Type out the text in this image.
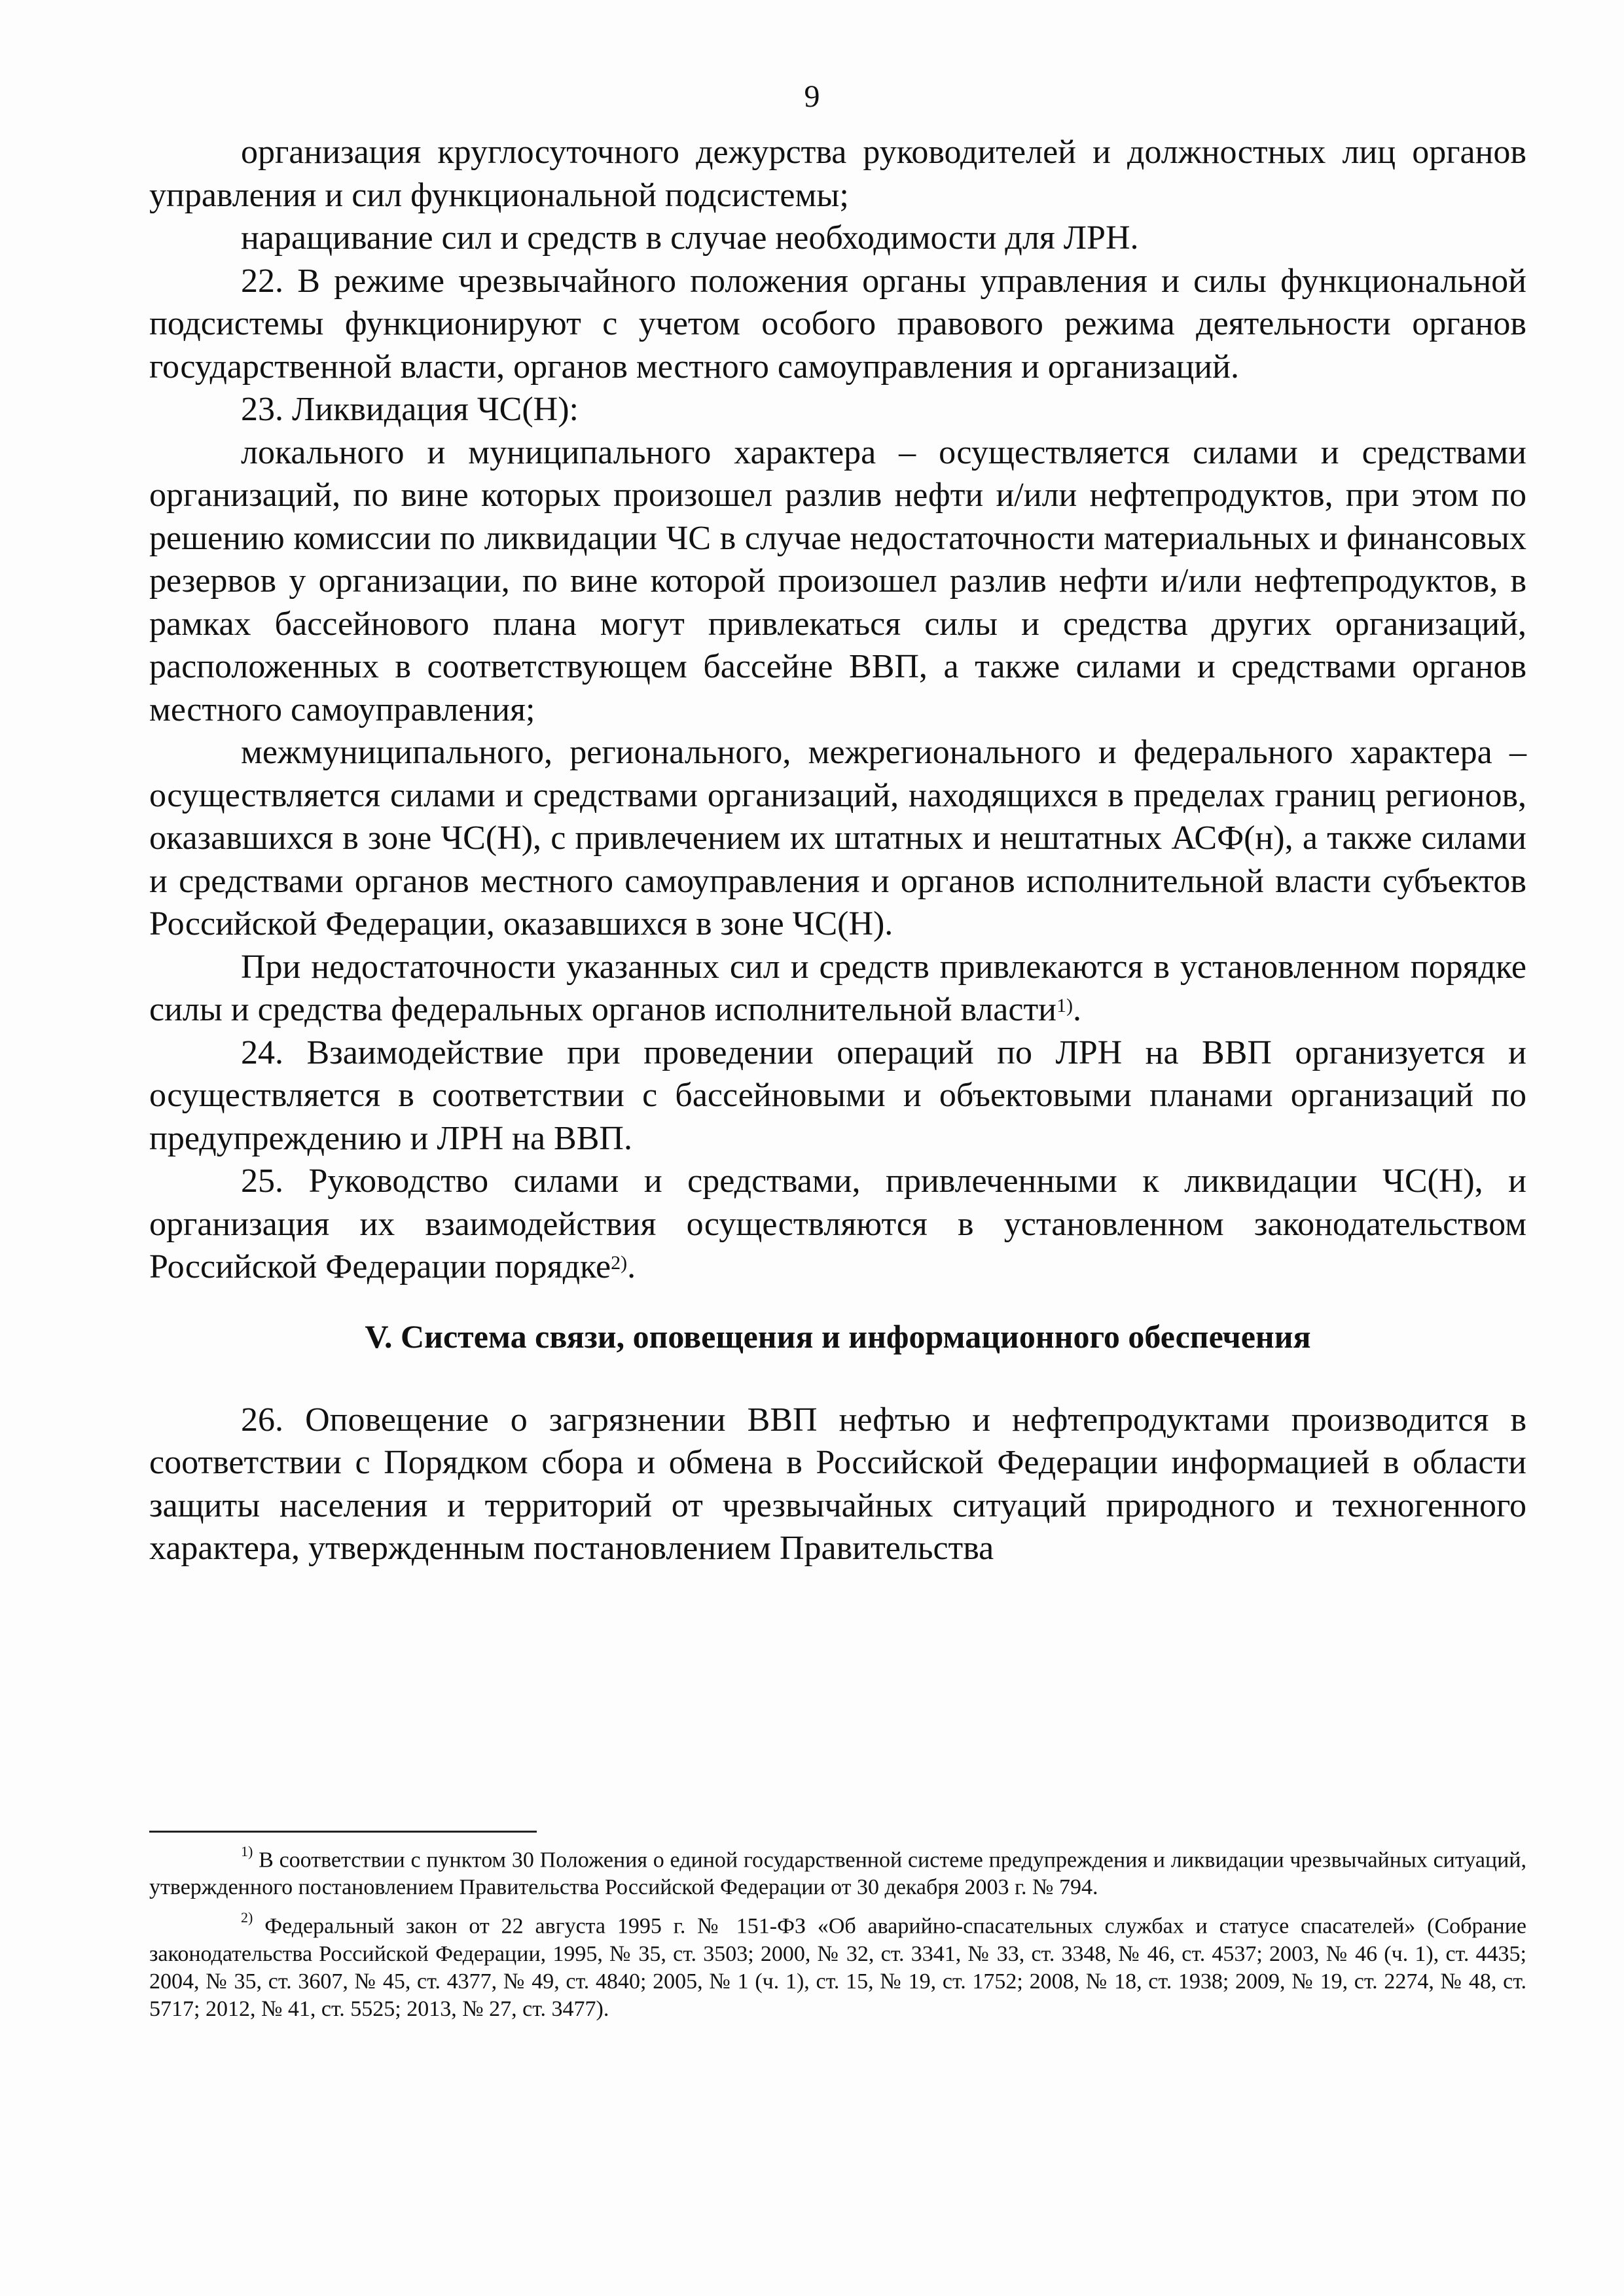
9

организация круглосуточного дежурства руководителей и должностных лиц органов управления и сил функциональной подсистемы;

наращивание сил и средств в случае необходимости для ЛРН.

22. В режиме чрезвычайного положения органы управления и силы функциональной подсистемы функционируют с учетом особого правового режима деятельности органов государственной власти, органов местного самоуправления и организаций.

23. Ликвидация ЧС(Н):

локального и муниципального характера – осуществляется силами и средствами организаций, по вине которых произошел разлив нефти и/или нефтепродуктов, при этом по решению комиссии по ликвидации ЧС в случае недостаточности материальных и финансовых резервов у организации, по вине которой произошел разлив нефти и/или нефтепродуктов, в рамках бассейнового плана могут привлекаться силы и средства других организаций, расположенных в соответствующем бассейне ВВП, а также силами и средствами органов местного самоуправления;

межмуниципального, регионального, межрегионального и федерального характера – осуществляется силами и средствами организаций, находящихся в пределах границ регионов, оказавшихся в зоне ЧС(Н), с привлечением их штатных и нештатных АСФ(н), а также силами и средствами органов местного самоуправления и органов исполнительной власти субъектов Российской Федерации, оказавшихся в зоне ЧС(Н).

При недостаточности указанных сил и средств привлекаются в установленном порядке силы и средства федеральных органов исполнительной власти$^{1)}$.

24. Взаимодействие при проведении операций по ЛРН на ВВП организуется и осуществляется в соответствии с бассейновыми и объектовыми планами организаций по предупреждению и ЛРН на ВВП.

25. Руководство силами и средствами, привлеченными к ликвидации ЧС(Н), и организация их взаимодействия осуществляются в установленном законодательством Российской Федерации порядке$^{2)}$.

V. Система связи, оповещения и информационного обеспечения

26. Оповещение о загрязнении ВВП нефтью и нефтепродуктами производится в соответствии с Порядком сбора и обмена в Российской Федерации информацией в области защиты населения и территорий от чрезвычайных ситуаций природного и техногенного характера, утвержденным постановлением Правительства

$^{1)}$ В соответствии с пунктом 30 Положения о единой государственной системе предупреждения и ликвидации чрезвычайных ситуаций, утвержденного постановлением Правительства Российской Федерации от 30 декабря 2003 г. № 794.

$^{2)}$ Федеральный закон от 22 августа 1995 г. № 151-ФЗ «Об аварийно-спасательных службах и статусе спасателей» (Собрание законодательства Российской Федерации, 1995, № 35, ст. 3503; 2000, № 32, ст. 3341, № 33, ст. 3348, № 46, ст. 4537; 2003, № 46 (ч. 1), ст. 4435; 2004, № 35, ст. 3607, № 45, ст. 4377, № 49, ст. 4840; 2005, № 1 (ч. 1), ст. 15, № 19, ст. 1752; 2008, № 18, ст. 1938; 2009, № 19, ст. 2274, № 48, ст. 5717; 2012, № 41, ст. 5525; 2013, № 27, ст. 3477).
